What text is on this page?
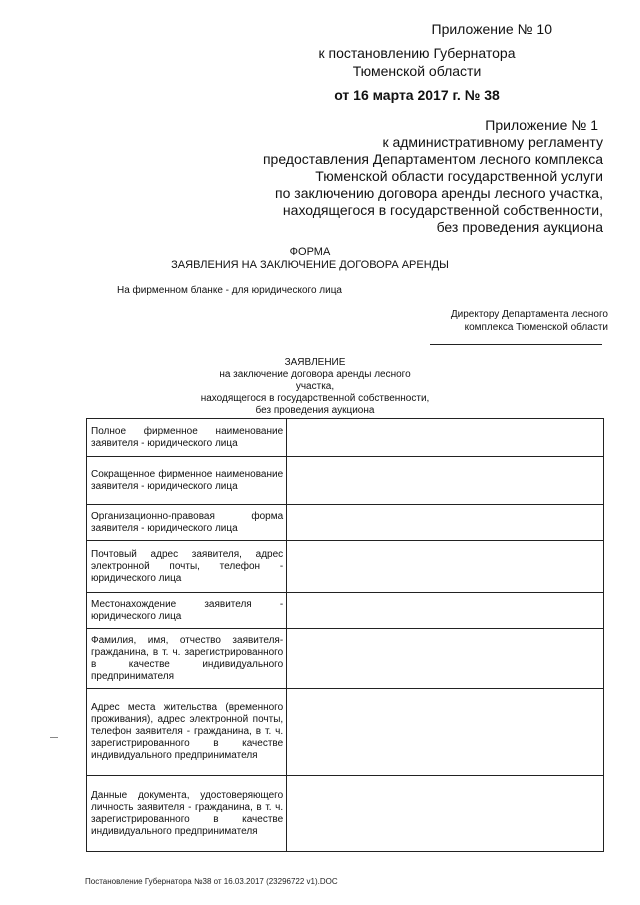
Приложение № 10
к постановлению Губернатора
Тюменской области
от 16 марта 2017 г. № 38
Приложение № 1
к административному регламенту
предоставления Департаментом лесного комплекса
Тюменской области государственной услуги
по заключению договора аренды лесного участка,
находящегося в государственной собственности,
без проведения аукциона
ФОРМА
ЗАЯВЛЕНИЯ НА ЗАКЛЮЧЕНИЕ ДОГОВОРА АРЕНДЫ
На фирменном бланке - для юридического лица
Директору Департамента лесного
комплекса Тюменской области
ЗАЯВЛЕНИЕ
на заключение договора аренды лесного участка,
находящегося в государственной собственности,
без проведения аукциона
Полное фирменное наименование заявителя - юридического лица	
Сокращенное фирменное наименование заявителя - юридического лица	
Организационно-правовая форма заявителя - юридического лица	
Почтовый адрес заявителя, адрес электронной почты, телефон - юридического лица	
Местонахождение заявителя - юридического лица	
Фамилия, имя, отчество заявителя-гражданина, в т. ч. зарегистрированного в качестве индивидуального предпринимателя	
Адрес места жительства (временного проживания), адрес электронной почты, телефон заявителя - гражданина, в т. ч. зарегистрированного в качестве индивидуального предпринимателя	
Данные документа, удостоверяющего личность заявителя - гражданина, в т. ч. зарегистрированного в качестве индивидуального предпринимателя	
Постановление Губернатора №38 от 16.03.2017 (23296722 v1).DOC
